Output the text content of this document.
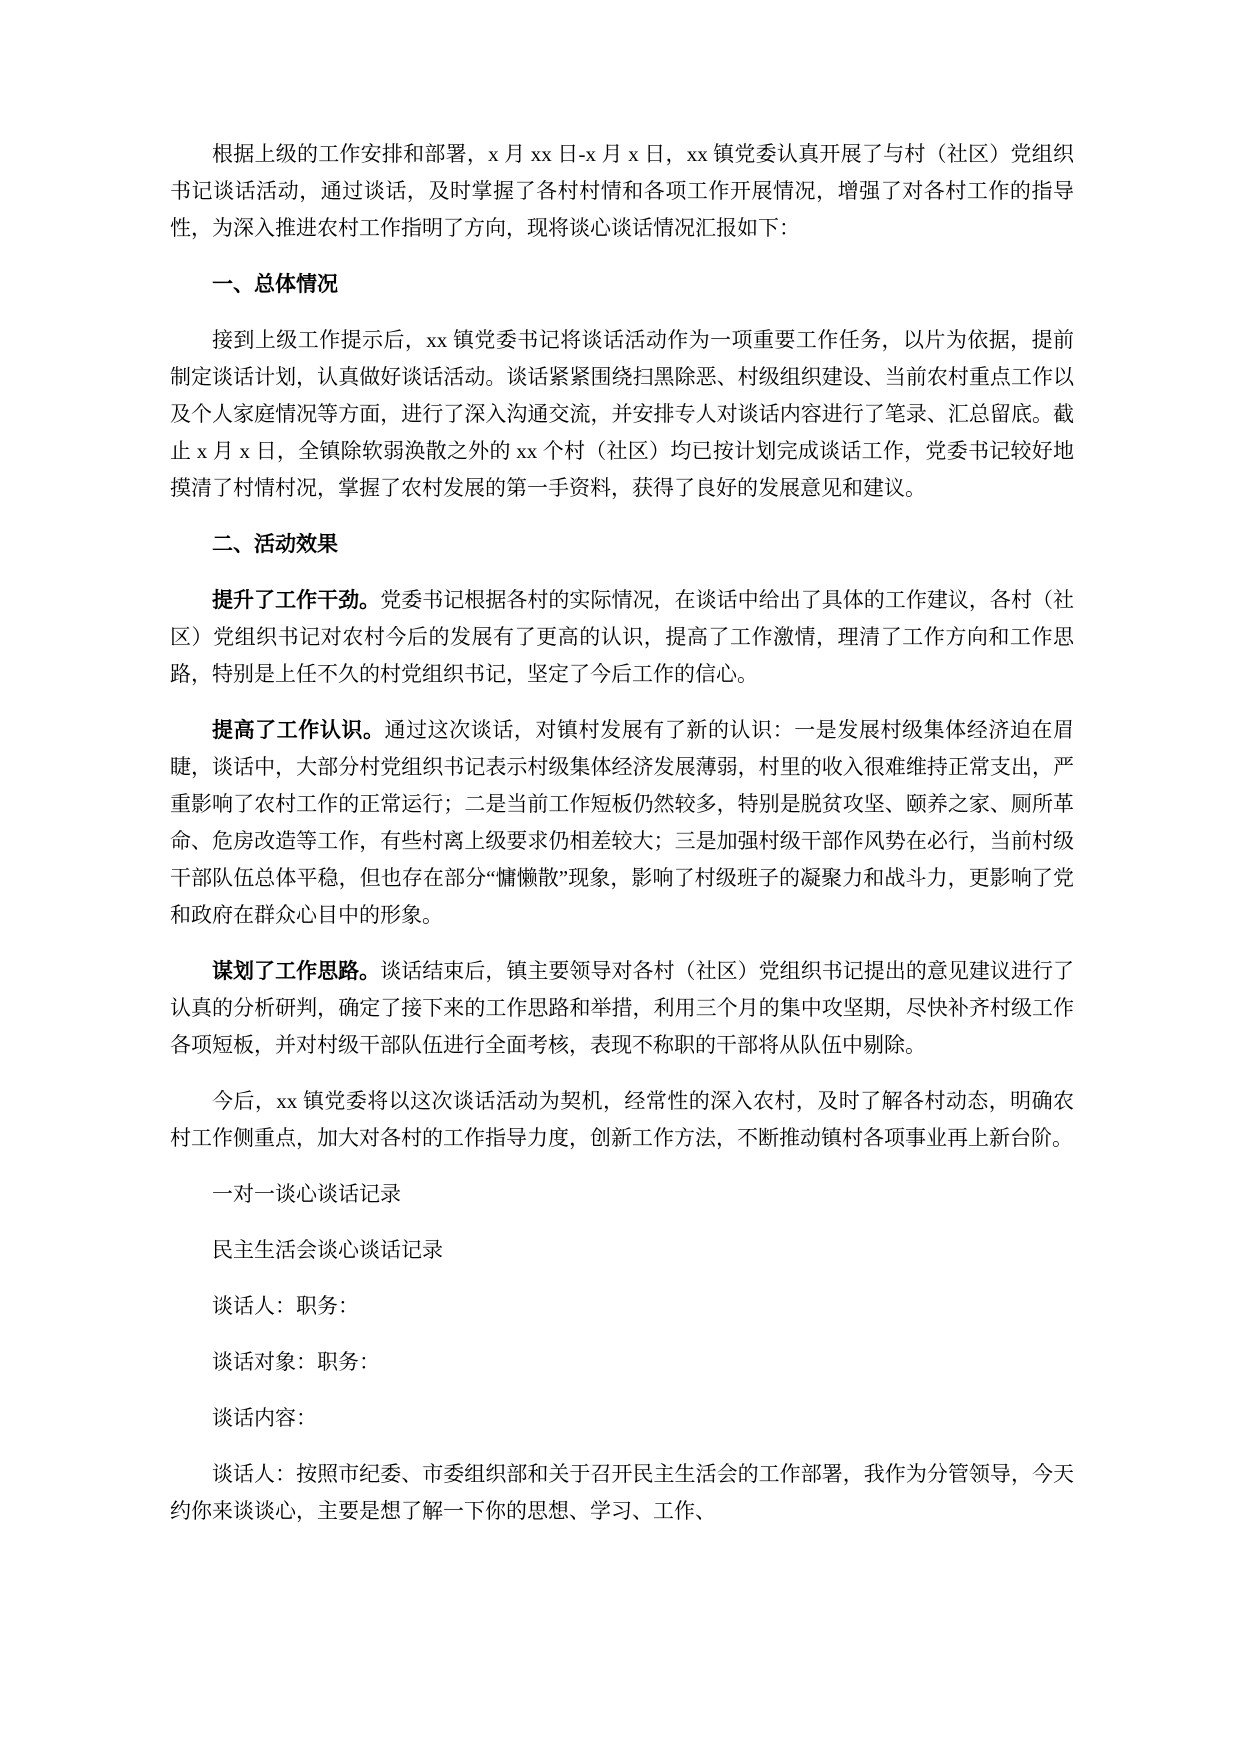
根据上级的工作安排和部署，x 月 xx 日-x 月 x 日，xx 镇党委认真开展了与村（社区）党组织书记谈话活动，通过谈话，及时掌握了各村村情和各项工作开展情况，增强了对各村工作的指导性，为深入推进农村工作指明了方向，现将谈心谈话情况汇报如下：

一、总体情况

接到上级工作提示后，xx 镇党委书记将谈话活动作为一项重要工作任务，以片为依据，提前制定谈话计划，认真做好谈话活动。谈话紧紧围绕扫黑除恶、村级组织建设、当前农村重点工作以及个人家庭情况等方面，进行了深入沟通交流，并安排专人对谈话内容进行了笔录、汇总留底。截止 x 月 x 日，全镇除软弱涣散之外的 xx 个村（社区）均已按计划完成谈话工作，党委书记较好地摸清了村情村况，掌握了农村发展的第一手资料，获得了良好的发展意见和建议。

二、活动效果

提升了工作干劲。党委书记根据各村的实际情况，在谈话中给出了具体的工作建议，各村（社区）党组织书记对农村今后的发展有了更高的认识，提高了工作激情，理清了工作方向和工作思路，特别是上任不久的村党组织书记，坚定了今后工作的信心。

提高了工作认识。通过这次谈话，对镇村发展有了新的认识：一是发展村级集体经济迫在眉睫，谈话中，大部分村党组织书记表示村级集体经济发展薄弱，村里的收入很难维持正常支出，严重影响了农村工作的正常运行；二是当前工作短板仍然较多，特别是脱贫攻坚、颐养之家、厕所革命、危房改造等工作，有些村离上级要求仍相差较大；三是加强村级干部作风势在必行，当前村级干部队伍总体平稳，但也存在部分“慵懒散”现象，影响了村级班子的凝聚力和战斗力，更影响了党和政府在群众心目中的形象。

谋划了工作思路。谈话结束后，镇主要领导对各村（社区）党组织书记提出的意见建议进行了认真的分析研判，确定了接下来的工作思路和举措，利用三个月的集中攻坚期，尽快补齐村级工作各项短板，并对村级干部队伍进行全面考核，表现不称职的干部将从队伍中剔除。

今后，xx 镇党委将以这次谈话活动为契机，经常性的深入农村，及时了解各村动态，明确农村工作侧重点，加大对各村的工作指导力度，创新工作方法，不断推动镇村各项事业再上新台阶。

一对一谈心谈话记录

民主生活会谈心谈话记录

谈话人：职务：

谈话对象：职务：

谈话内容：

谈话人：按照市纪委、市委组织部和关于召开民主生活会的工作部署，我作为分管领导，今天约你来谈谈心，主要是想了解一下你的思想、学习、工作、
